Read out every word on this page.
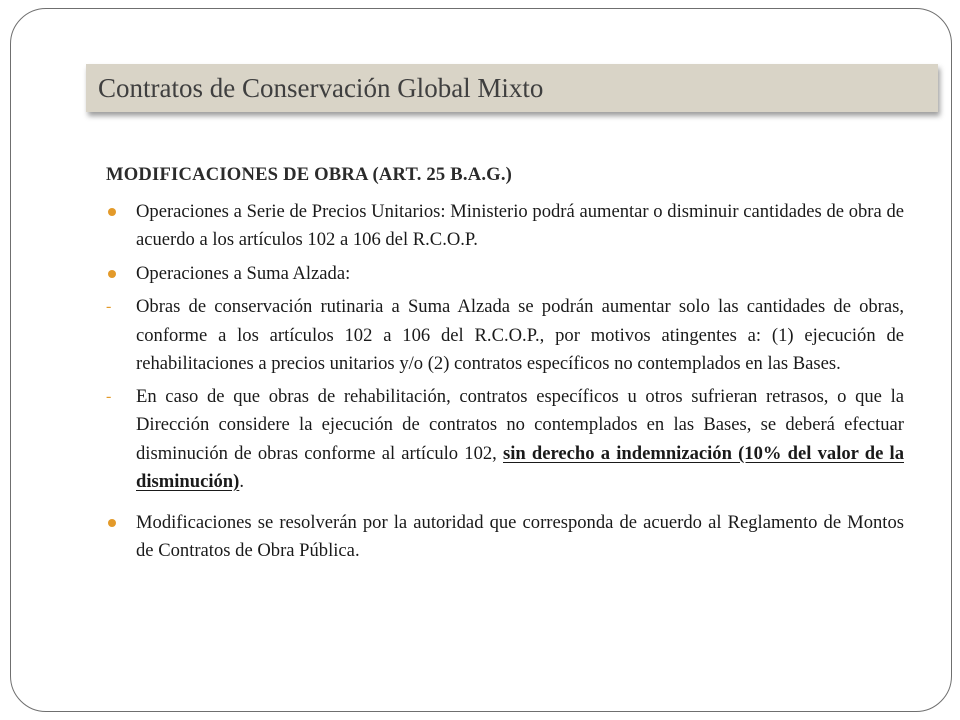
Contratos de Conservación Global Mixto

MODIFICACIONES DE OBRA (ART. 25 B.A.G.)

Operaciones a Serie de Precios Unitarios: Ministerio podrá aumentar o disminuir cantidades de obra de acuerdo a los artículos 102 a 106 del R.C.O.P.
Operaciones a Suma Alzada:
- Obras de conservación rutinaria a Suma Alzada se podrán aumentar solo las cantidades de obras, conforme a los artículos 102 a 106 del R.C.O.P., por motivos atingentes a: (1) ejecución de rehabilitaciones a precios unitarios y/o (2) contratos específicos no contemplados en las Bases.
- En caso de que obras de rehabilitación, contratos específicos u otros sufrieran retrasos, o que la Dirección considere la ejecución de contratos no contemplados en las Bases, se deberá efectuar disminución de obras conforme al artículo 102, sin derecho a indemnización (10% del valor de la disminución).
Modificaciones se resolverán por la autoridad que corresponda de acuerdo al Reglamento de Montos de Contratos de Obra Pública.
